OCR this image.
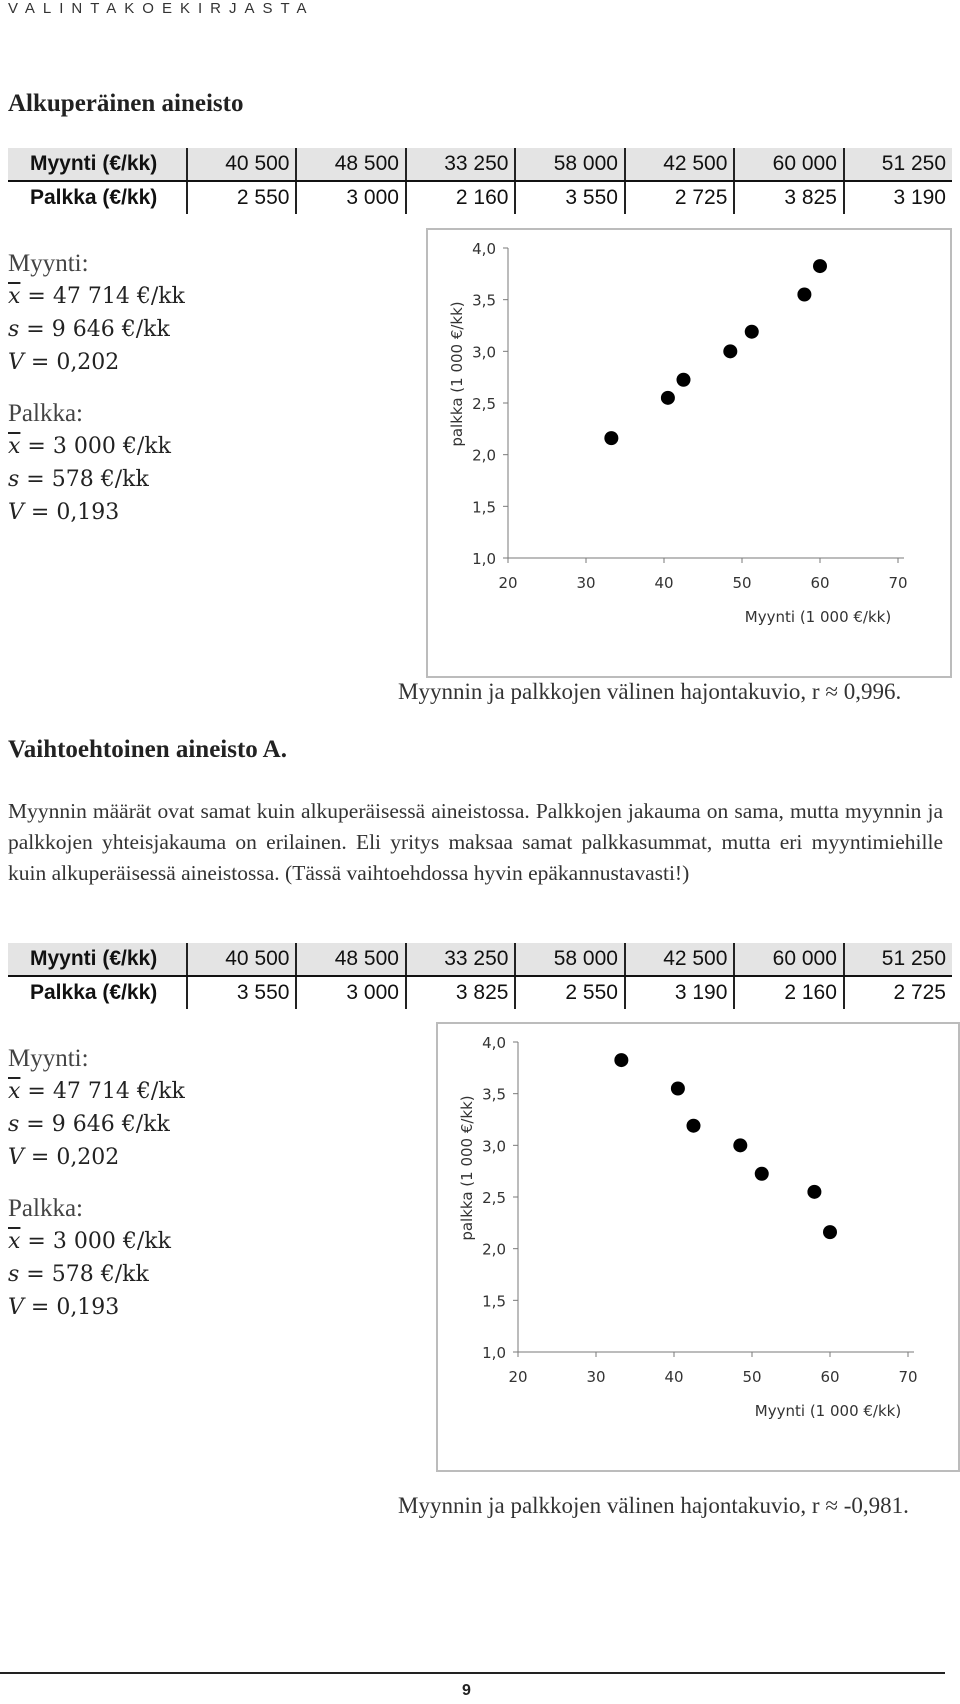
VALINTAKOEKIRJASTA
Alkuperäinen aineisto
Myynti (€/kk)	40 500	48 500	33 250	58 000	42 500	60 000	51 250
Palkka (€/kk)	2 550	3 000	2 160	3 550	2 725	3 825	3 190
Myynti:
$\overline{x} = 47$ 714 €/kk
s = 9 646 €/kk
V = 0,202
Palkka:
$\overline{x} = 3$ 000 €/kk
s = 578 €/kk
V = 0,193
1,0
1,5
2,0
2,5
3,0
3,5
4,0
20	30	40	50	60	70
Myynti (1 000 €/kk)
palkka (1 000 €/kk)
Myynnin ja palkkojen välinen hajontakuvio, r ≈ 0,996.
Vaihtoehtoinen aineisto A.
Myynnin määrät ovat samat kuin alkuperäisessä aineistossa. Palkkojen jakauma on sama, mutta myynnin ja palkkojen yhteisjakauma on erilainen. Eli yritys maksaa samat palkkasummat, mutta eri myyntimiehille kuin alkuperäisessä aineistossa. (Tässä vaihtoehdossa hyvin epäkannustavasti!)
Myynti (€/kk)	40 500	48 500	33 250	58 000	42 500	60 000	51 250
Palkka (€/kk)	3 550	3 000	3 825	2 550	3 190	2 160	2 725
Myynti:
$\overline{x} = 47$ 714 €/kk
s = 9 646 €/kk
V = 0,202
Palkka:
$\overline{x} = 3$ 000 €/kk
s = 578 €/kk
V = 0,193
1,0
1,5
2,0
2,5
3,0
3,5
4,0
20	30	40	50	60	70
Myynti (1 000 €/kk)
palkka (1 000 €/kk)
Myynnin ja palkkojen välinen hajontakuvio, r ≈ -0,981.
9
